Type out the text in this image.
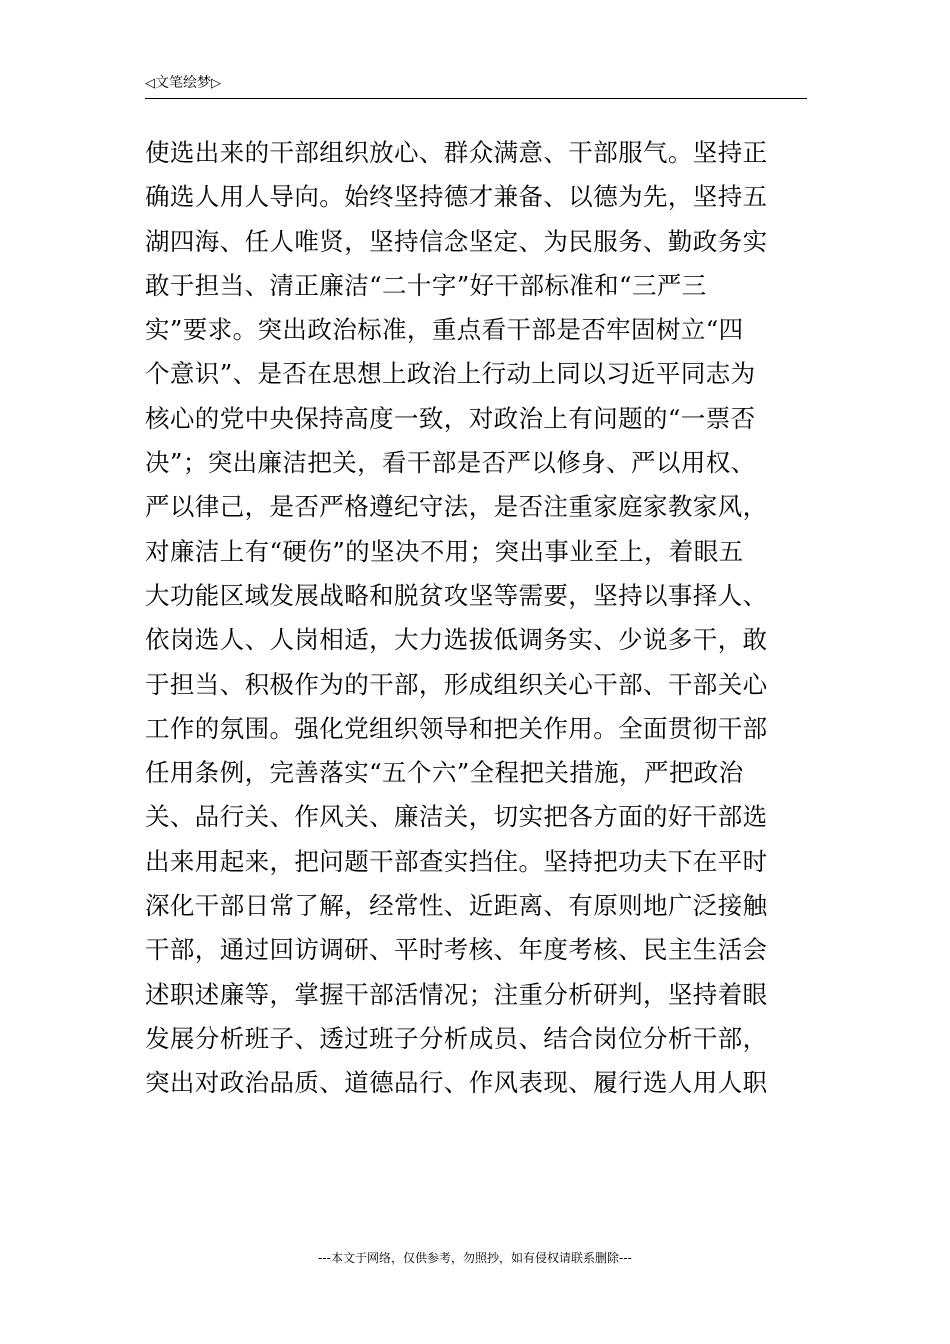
◁文笔绘梦▷
使选出来的干部组织放心、群众满意、干部服气。坚持正
确选人用人导向。始终坚持德才兼备、以德为先，坚持五
湖四海、任人唯贤，坚持信念坚定、为民服务、勤政务实
敢于担当、清正廉洁“二十字”好干部标准和“三严三
实”要求。突出政治标准，重点看干部是否牢固树立“四
个意识”、是否在思想上政治上行动上同以习近平同志为
核心的党中央保持高度一致，对政治上有问题的“一票否
决”；突出廉洁把关，看干部是否严以修身、严以用权、
严以律己，是否严格遵纪守法，是否注重家庭家教家风，
对廉洁上有“硬伤”的坚决不用；突出事业至上，着眼五
大功能区域发展战略和脱贫攻坚等需要，坚持以事择人、
依岗选人、人岗相适，大力选拔低调务实、少说多干，敢
于担当、积极作为的干部，形成组织关心干部、干部关心
工作的氛围。强化党组织领导和把关作用。全面贯彻干部
任用条例，完善落实“五个六”全程把关措施，严把政治
关、品行关、作风关、廉洁关，切实把各方面的好干部选
出来用起来，把问题干部查实挡住。坚持把功夫下在平时
深化干部日常了解，经常性、近距离、有原则地广泛接触
干部，通过回访调研、平时考核、年度考核、民主生活会
述职述廉等，掌握干部活情况；注重分析研判，坚持着眼
发展分析班子、透过班子分析成员、结合岗位分析干部，
突出对政治品质、道德品行、作风表现、履行选人用人职
---本文于网络，仅供参考，勿照抄，如有侵权请联系删除---
